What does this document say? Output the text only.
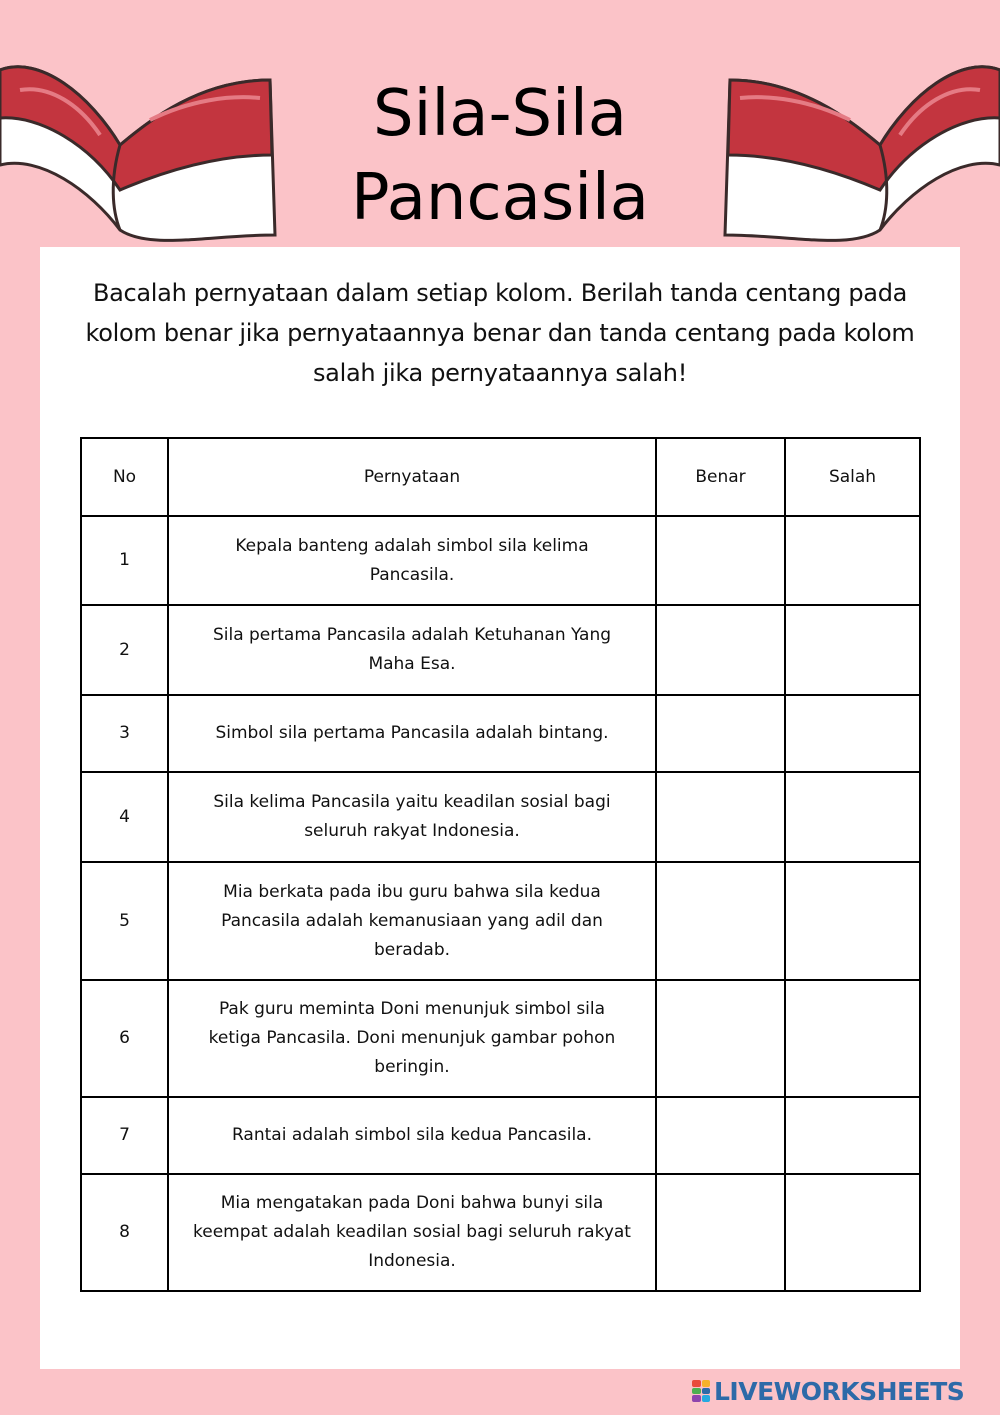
Sila-Sila
Pancasila

Bacalah pernyataan dalam setiap kolom. Berilah tanda centang pada kolom benar jika pernyataannya benar dan tanda centang pada kolom salah jika pernyataannya salah!

No	Pernyataan	Benar	Salah
1	Kepala banteng adalah simbol sila kelima Pancasila.		
2	Sila pertama Pancasila adalah Ketuhanan Yang Maha Esa.		
3	Simbol sila pertama Pancasila adalah bintang.		
4	Sila kelima Pancasila yaitu keadilan sosial bagi seluruh rakyat Indonesia.		
5	Mia berkata pada ibu guru bahwa sila kedua Pancasila adalah kemanusiaan yang adil dan beradab.		
6	Pak guru meminta Doni menunjuk simbol sila ketiga Pancasila. Doni menunjuk gambar pohon beringin.		
7	Rantai adalah simbol sila kedua Pancasila.		
8	Mia mengatakan pada Doni bahwa bunyi sila keempat adalah keadilan sosial bagi seluruh rakyat Indonesia.		
LIVEWORKSHEETS
